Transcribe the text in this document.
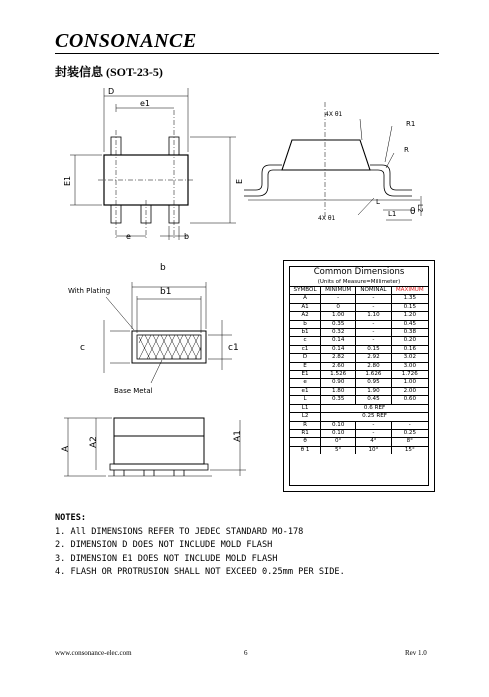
CONSONANCE
封装信息 (SOT-23-5)
D
e1
E1	E
e	b
4X θ1
R1
R
4X θ1
L
L1 θ L2
b
b1
With Plating
c	c1
Base Metal
A
A2
A1
Common Dimensions
(Units of Measure=Millimeter)
SYMBOL	MINIMUM	NOMINAL	MAXIMUM
A	-	-	1.35
A1	0	-	0.15
A2	1.00	1.10	1.20
b	0.35	-	0.45
b1	0.32	-	0.38
c	0.14	-	0.20
c1	0.14	0.15	0.16
D	2.82	2.92	3.02
E	2.60	2.80	3.00
E1	1.526	1.626	1.726
e	0.90	0.95	1.00
e1	1.80	1.90	2.00
L	0.35	0.45	0.60
L1	0.6 REF		
L2	0.25 REF		
R	0.10	-	-
R1	0.10	-	0.25
θ	0°	4°	8°
θ 1	5°	10°	15°
NOTES:
1. All DIMENSIONS REFER TO JEDEC STANDARD MO-178
2. DIMENSION D DOES NOT INCLUDE MOLD FLASH
3. DIMENSION E1 DOES NOT INCLUDE MOLD FLASH
4. FLASH OR PROTRUSION SHALL NOT EXCEED 0.25mm PER SIDE.
www.consonance-elec.com	6	Rev 1.0
